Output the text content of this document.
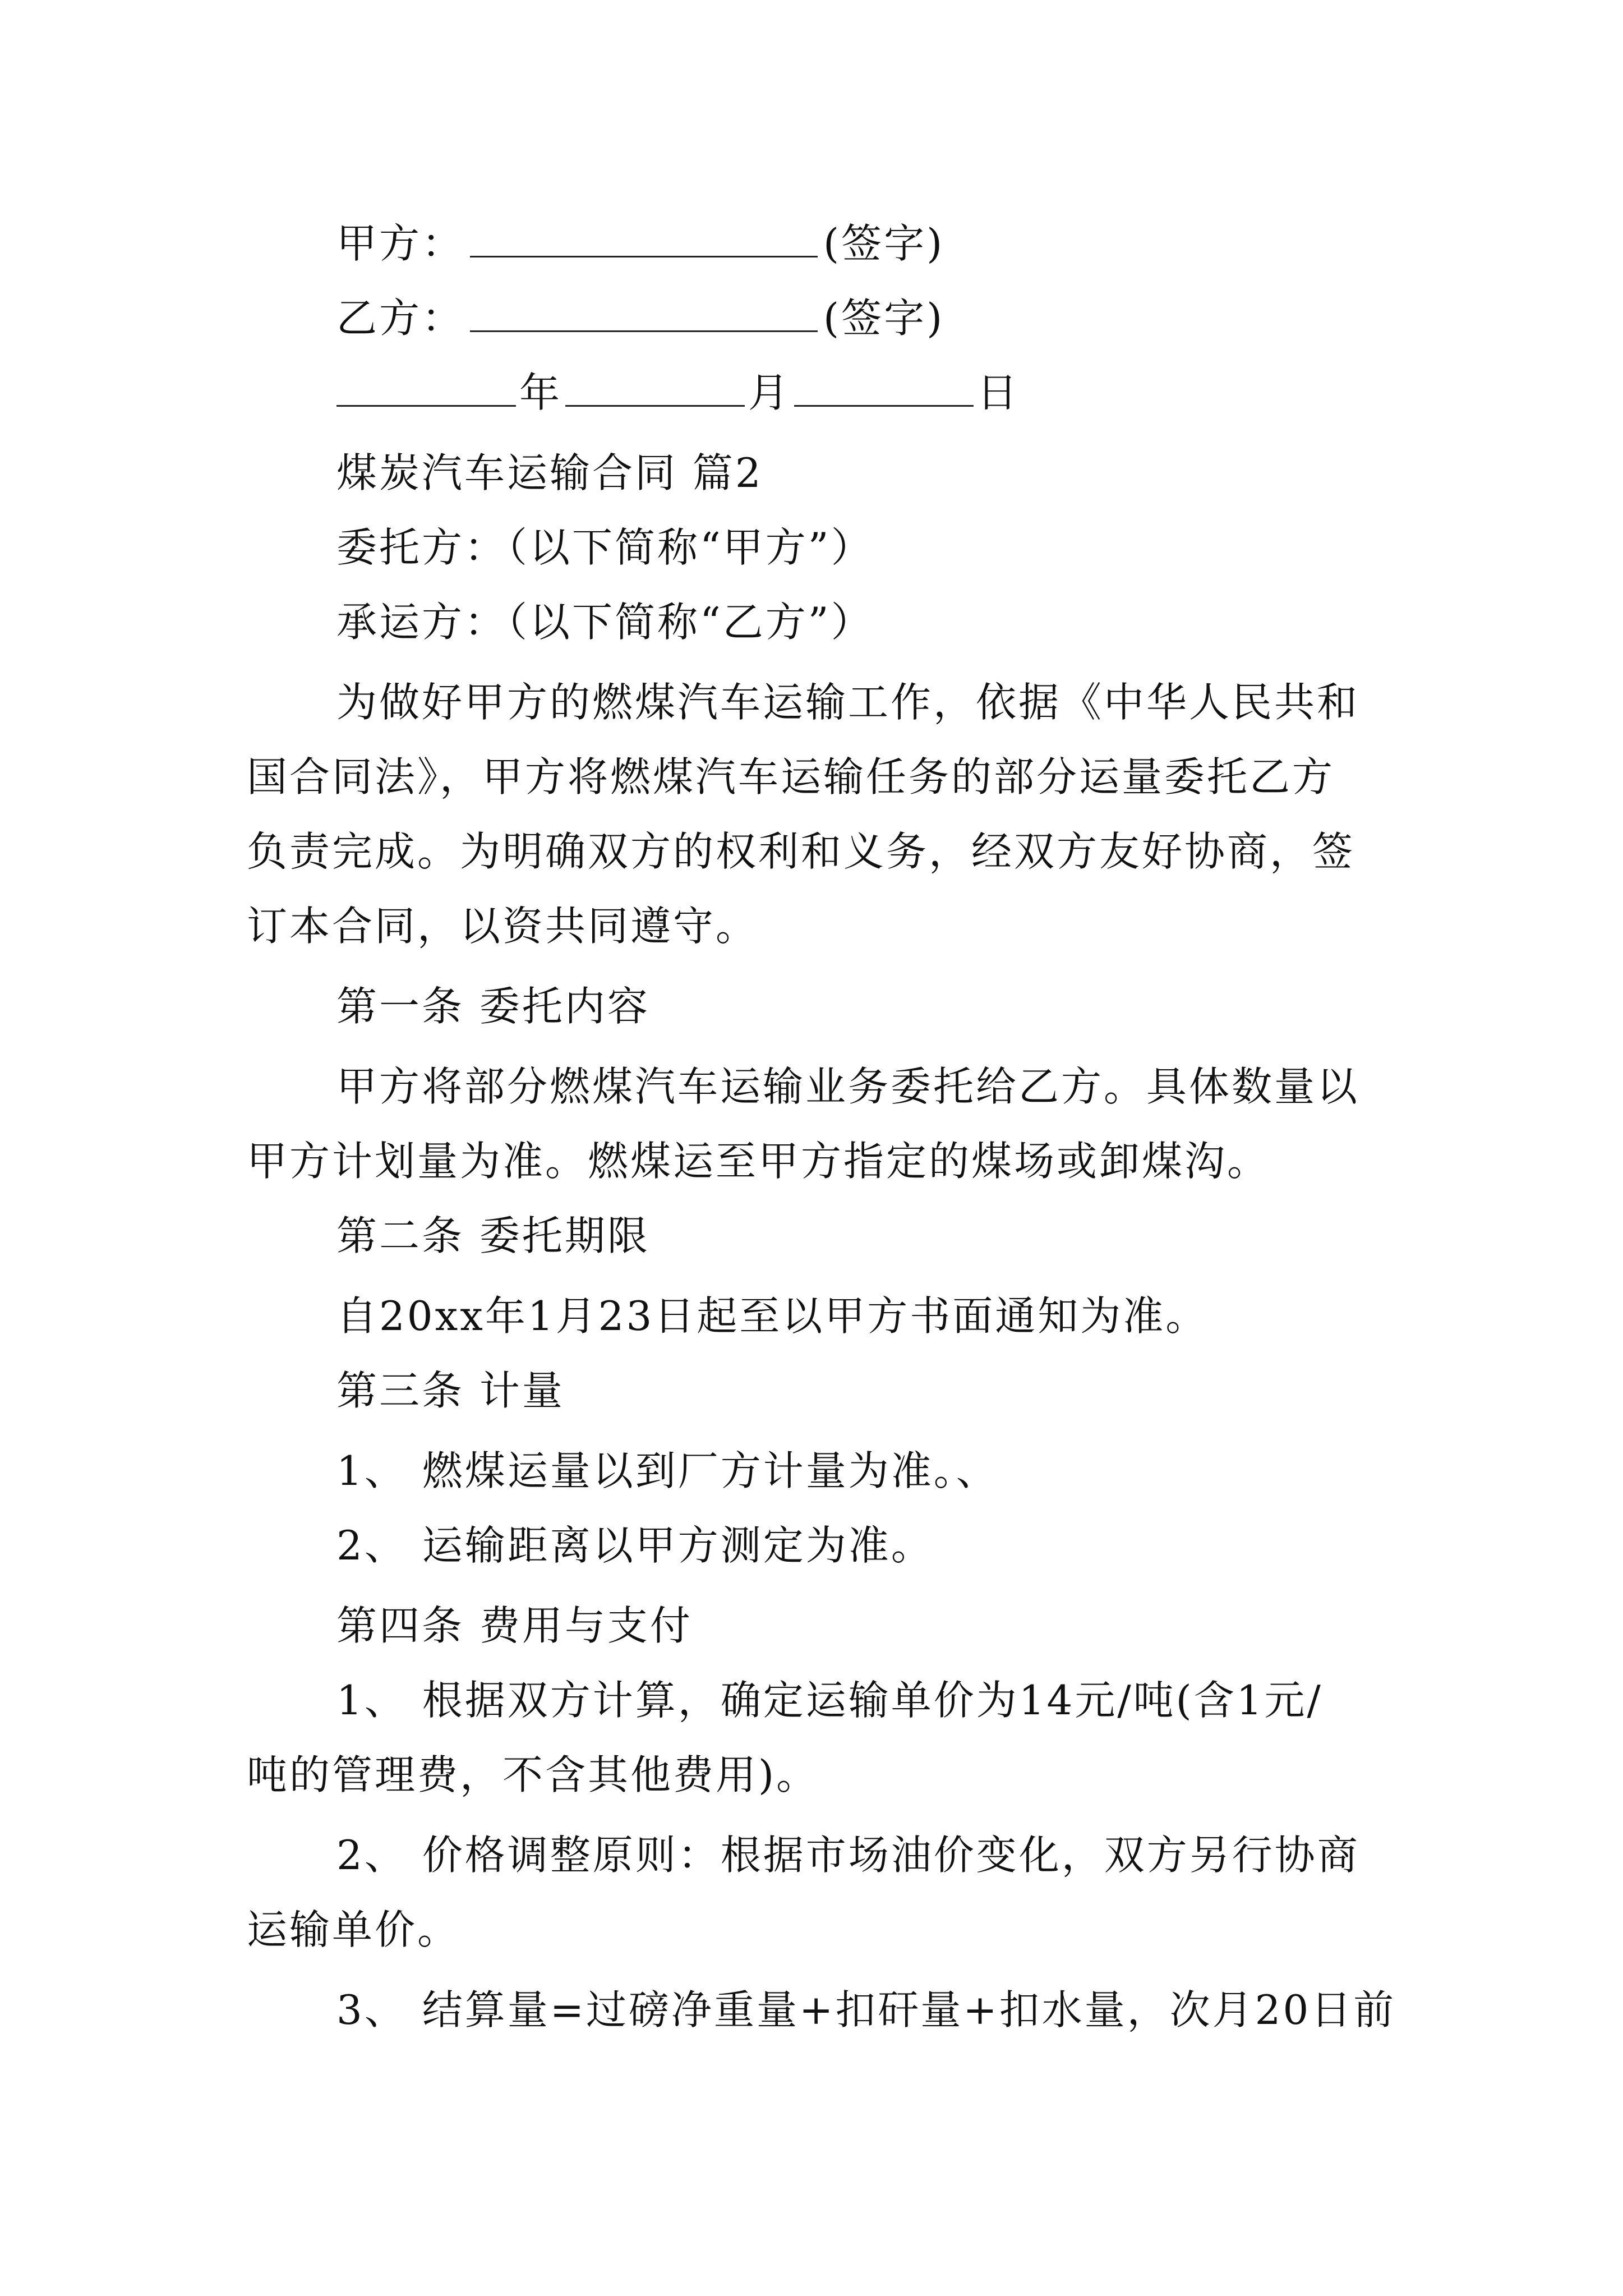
甲方：	(签字)
乙方：	(签字)
年	月	日
煤炭汽车运输合同 篇2
委托方：（以下简称“甲方”）
承运方：（以下简称“乙方”）
为做好甲方的燃煤汽车运输工作，依据《中华人民共和
国合同法》，甲方将燃煤汽车运输任务的部分运量委托乙方
负责完成。为明确双方的权利和义务，经双方友好协商，签
订本合同，以资共同遵守。
第一条 委托内容
甲方将部分燃煤汽车运输业务委托给乙方。具体数量以
甲方计划量为准。燃煤运至甲方指定的煤场或卸煤沟。
第二条 委托期限
自20xx年1月23日起至以甲方书面通知为准。
第三条 计量
1、 燃煤运量以到厂方计量为准。、
2、 运输距离以甲方测定为准。
第四条 费用与支付
1、 根据双方计算，确定运输单价为14元/吨(含1元/
吨的管理费，不含其他费用)。
2、 价格调整原则：根据市场油价变化，双方另行协商
运输单价。
3、 结算量=过磅净重量+扣矸量+扣水量，次月20日前
